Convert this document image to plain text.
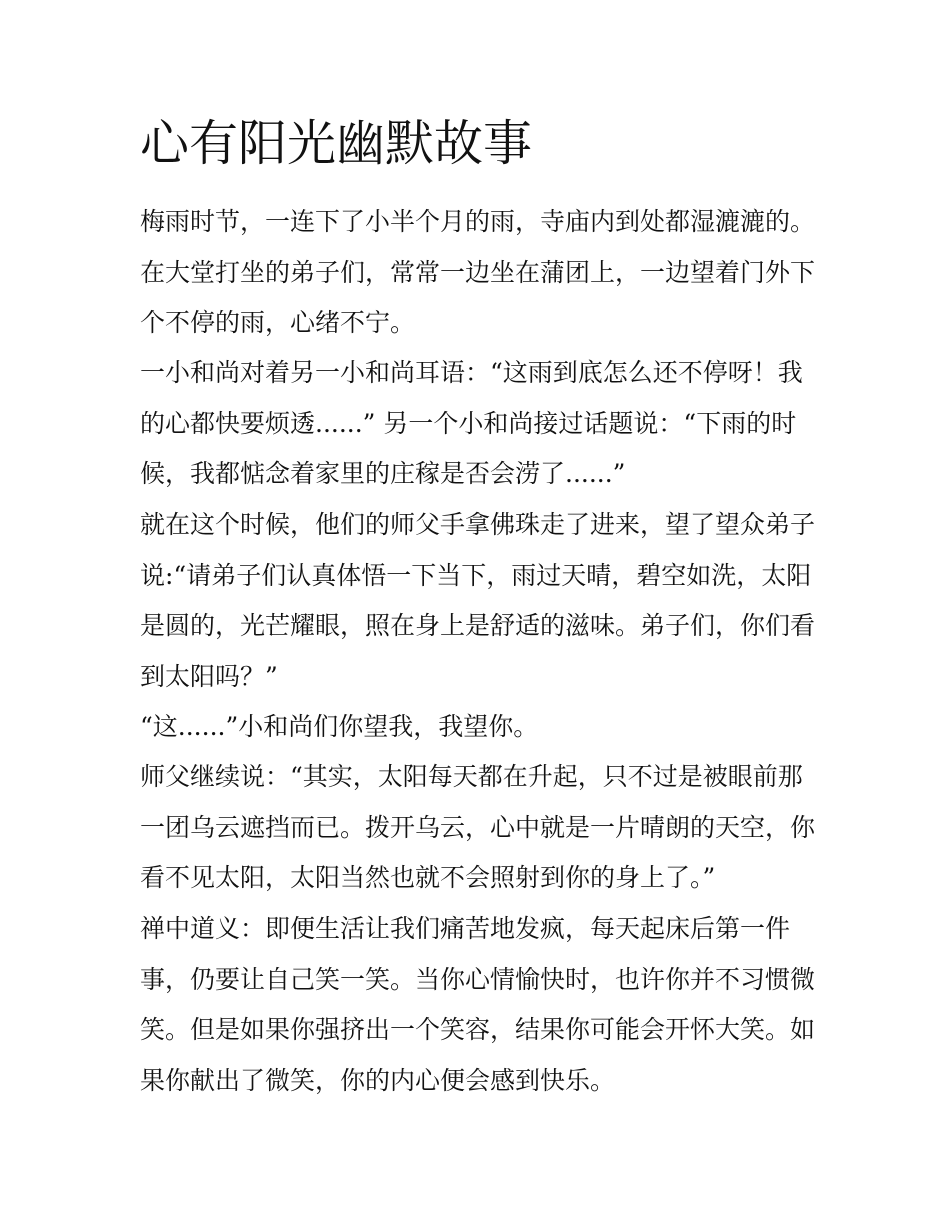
心有阳光幽默故事

梅雨时节，一连下了小半个月的雨，寺庙内到处都湿漉漉的。
在大堂打坐的弟子们，常常一边坐在蒲团上，一边望着门外下
个不停的雨，心绪不宁。

一小和尚对着另一小和尚耳语：“这雨到底怎么还不停呀！我
的心都快要烦透......” 另一个小和尚接过话题说：“下雨的时
候，我都惦念着家里的庄稼是否会涝了......”

就在这个时候，他们的师父手拿佛珠走了进来，望了望众弟子
说:“请弟子们认真体悟一下当下，雨过天晴，碧空如洗，太阳
是圆的，光芒耀眼，照在身上是舒适的滋味。弟子们，你们看
到太阳吗？”

“这......”小和尚们你望我，我望你。

师父继续说：“其实，太阳每天都在升起，只不过是被眼前那
一团乌云遮挡而已。拨开乌云，心中就是一片晴朗的天空，你
看不见太阳，太阳当然也就不会照射到你的身上了。”

禅中道义：即便生活让我们痛苦地发疯，每天起床后第一件
事，仍要让自己笑一笑。当你心情愉快时，也许你并不习惯微
笑。但是如果你强挤出一个笑容，结果你可能会开怀大笑。如
果你献出了微笑，你的内心便会感到快乐。
